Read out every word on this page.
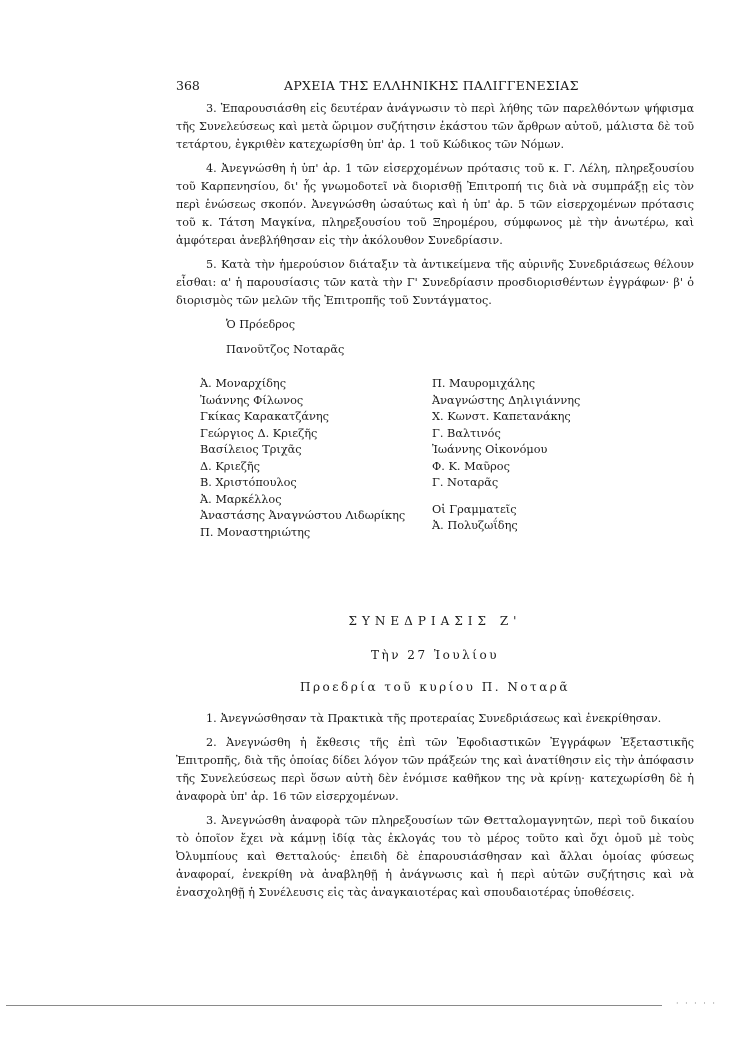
368	ΑΡΧΕΙΑ ΤΗΣ ΕΛΛΗΝΙΚΗΣ ΠΑΛΙΓΓΕΝΕΣΙΑΣ

3. Ἐπαρουσιάσθη εἰς δευτέραν ἀνάγνωσιν τὸ περὶ λήθης τῶν παρελθόντων ψήφισμα τῆς Συνελεύσεως καὶ μετὰ ὥριμον συζήτησιν ἑκάστου τῶν ἄρθρων αὐτοῦ, μάλιστα δὲ τοῦ τετάρτου, ἐγκριθὲν κατεχωρίσθη ὑπ' ἀρ. 1 τοῦ Κώδικος τῶν Νόμων.

4. Ἀνεγνώσθη ἡ ὑπ' ἀρ. 1 τῶν εἰσερχομένων πρότασις τοῦ κ. Γ. Λέλη, πληρεξουσίου τοῦ Καρπενησίου, δι' ἧς γνωμοδοτεῖ νὰ διορισθῇ Ἐπιτροπή τις διὰ νὰ συμπράξῃ εἰς τὸν περὶ ἑνώσεως σκοπόν. Ἀνεγνώσθη ὡσαύτως καὶ ἡ ὑπ' ἀρ. 5 τῶν εἰσερχομένων πρότασις τοῦ κ. Τάτση Μαγκίνα, πληρεξουσίου τοῦ Ξηρομέρου, σύμφωνος μὲ τὴν ἀνωτέρω, καὶ ἀμφότεραι ἀνεβλήθησαν εἰς τὴν ἀκόλουθον Συνεδρίασιν.

5. Κατὰ τὴν ἡμερούσιον διάταξιν τὰ ἀντικείμενα τῆς αὐρινῆς Συνεδριάσεως θέλουν εἶσθαι: α' ἡ παρουσίασις τῶν κατὰ τὴν Γ' Συνεδρίασιν προσδιορισθέντων ἐγγράφων· β' ὁ διορισμὸς τῶν μελῶν τῆς Ἐπιτροπῆς τοῦ Συντάγματος.

Ὁ Πρόεδρος
Πανοῦτζος Νοταρᾶς
Ἀ. Μοναρχίδης
Ἰωάννης Φίλωνος
Γκίκας Καρακατζάνης
Γεώργιος Δ. Κριεζῆς
Βασίλειος Τριχᾶς
Δ. Κριεζῆς
Β. Χριστόπουλος
Ἀ. Μαρκέλλος
Ἀναστάσης Ἀναγνώστου Λιδωρίκης
Π. Μοναστηριώτης
Π. Μαυρομιχάλης
Ἀναγνώστης Δηλιγιάννης
Χ. Κωνστ. Καπετανάκης
Γ. Βαλτινός
Ἰωάννης Οἰκονόμου
Φ. Κ. Μαῦρος
Γ. Νοταρᾶς
Οἱ Γραμματεῖς
Ἀ. Πολυζωΐδης
ΣΥΝΕΔΡΙΑΣΙΣ Ζ'
Τὴν 27 Ἰουλίου
Προεδρία τοῦ κυρίου Π. Νοταρᾶ

1. Ἀνεγνώσθησαν τὰ Πρακτικὰ τῆς προτεραίας Συνεδριάσεως καὶ ἐνεκρίθησαν.

2. Ἀνεγνώσθη ἡ ἔκθεσις τῆς ἐπὶ τῶν Ἐφοδιαστικῶν Ἐγγράφων Ἐξεταστικῆς Ἐπιτροπῆς, διὰ τῆς ὁποίας δίδει λόγον τῶν πράξεών της καὶ ἀνατίθησιν εἰς τὴν ἀπόφασιν τῆς Συνελεύσεως περὶ ὅσων αὐτὴ δὲν ἐνόμισε καθῆκον της νὰ κρίνῃ· κατεχωρίσθη δὲ ἡ ἀναφορὰ ὑπ' ἀρ. 16 τῶν εἰσερχομένων.

3. Ἀνεγνώσθη ἀναφορὰ τῶν πληρεξουσίων τῶν Θετταλομαγνητῶν, περὶ τοῦ δικαίου τὸ ὁποῖον ἔχει νὰ κάμνῃ ἰδίᾳ τὰς ἐκλογάς του τὸ μέρος τοῦτο καὶ ὄχι ὁμοῦ μὲ τοὺς Ὀλυμπίους καὶ Θετταλούς· ἐπειδὴ δὲ ἐπαρουσιάσθησαν καὶ ἄλλαι ὁμοίας φύσεως ἀναφοραί, ἐνεκρίθη νὰ ἀναβληθῇ ἡ ἀνάγνωσις καὶ ἡ περὶ αὐτῶν συζήτησις καὶ νὰ ἐνασχοληθῇ ἡ Συνέλευσις εἰς τὰς ἀναγκαιοτέρας καὶ σπουδαιοτέρας ὑποθέσεις.

· · · · ·
